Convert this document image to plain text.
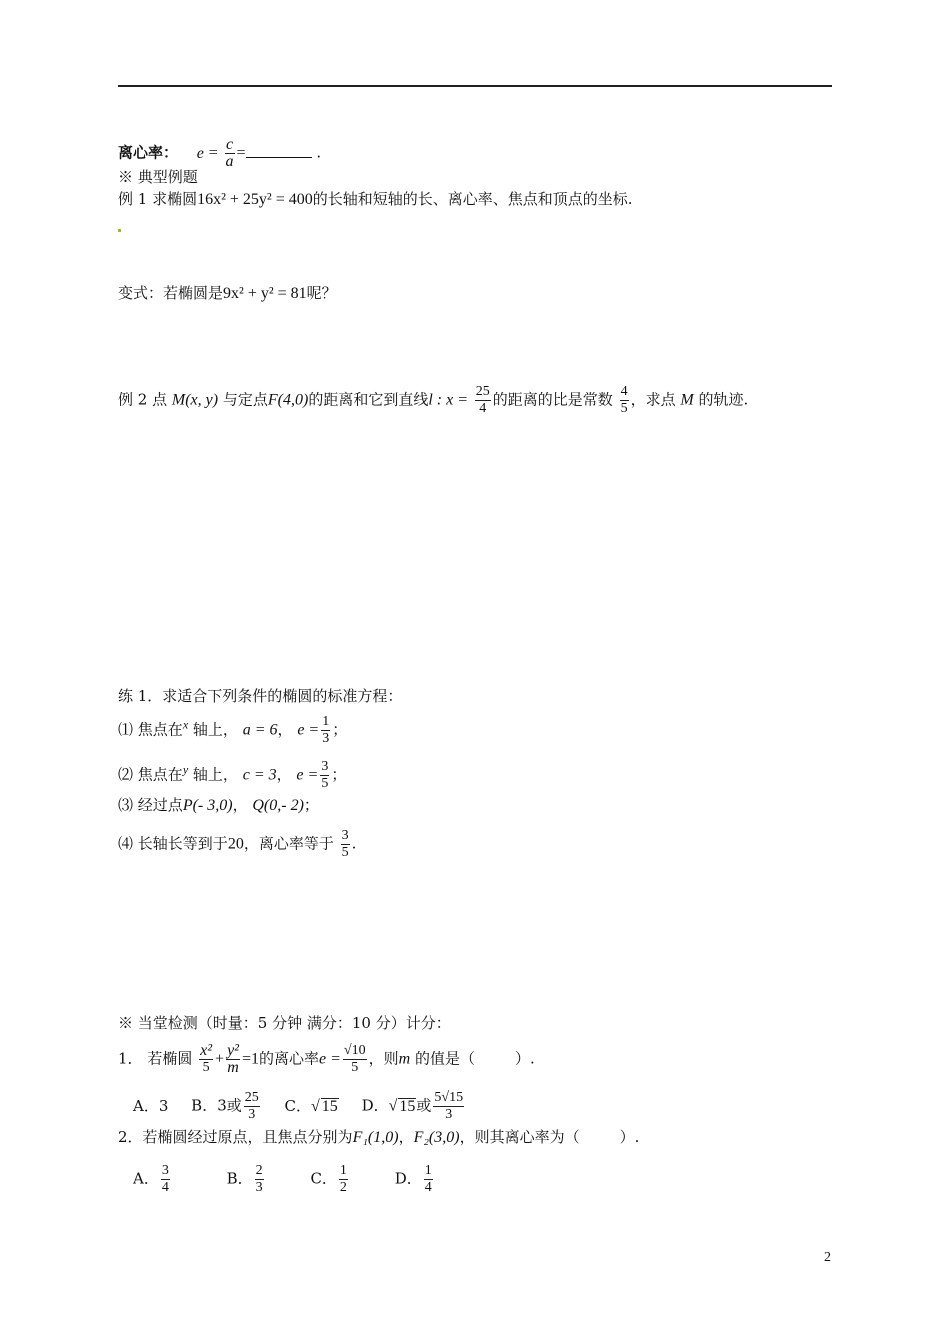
离心率： $e = \frac{c}{a}$ =	.
※ 典型例题
例 1 求椭圆16x² + 25y² = 400的长轴和短轴的长、离心率、焦点和顶点的坐标.
变式：若椭圆是9x² + y² = 81呢？
例 2 点 M(x, y) 与定点F(4,0)的距离和它到直线l : $x = \frac{25}{4}$ 的距离的比是常数 $\frac{4}{5}$ ，求点 M 的轨迹.
练 1．求适合下列条件的椭圆的标准方程：
⑴ 焦点在$^x$ 轴上， a = 6， $e = \frac{1}{3}$ ；
⑵ 焦点在$^y$ 轴上， c = 3， $e = \frac{3}{5}$ ；
⑶ 经过点P(- 3,0)， Q(0,- 2)；
⑷ 长轴长等到于20，离心率等于 $\frac{3}{5}$ .
※ 当堂检测（时量：5 分钟 满分：10 分）计分：
1． 若椭圆 $\frac{\text{x²}}{5} + \frac{\text{y²}}{m} =1$的离心率$e = \frac{√10}{5}$ ，则m 的值是（	）.
A．3 B．3或 $\frac{25}{3}$ C．√ 15 D．√ 15或 $\frac{5√15}{3}$
2．若椭圆经过原点，且焦点分别为F₁(1,0)，F₂(3,0)，则其离心率为（	）.
A． $\frac{3}{4}$	B． $\frac{2}{3}$	C． $\frac{1}{2}$	D． $\frac{1}{4}$
2
